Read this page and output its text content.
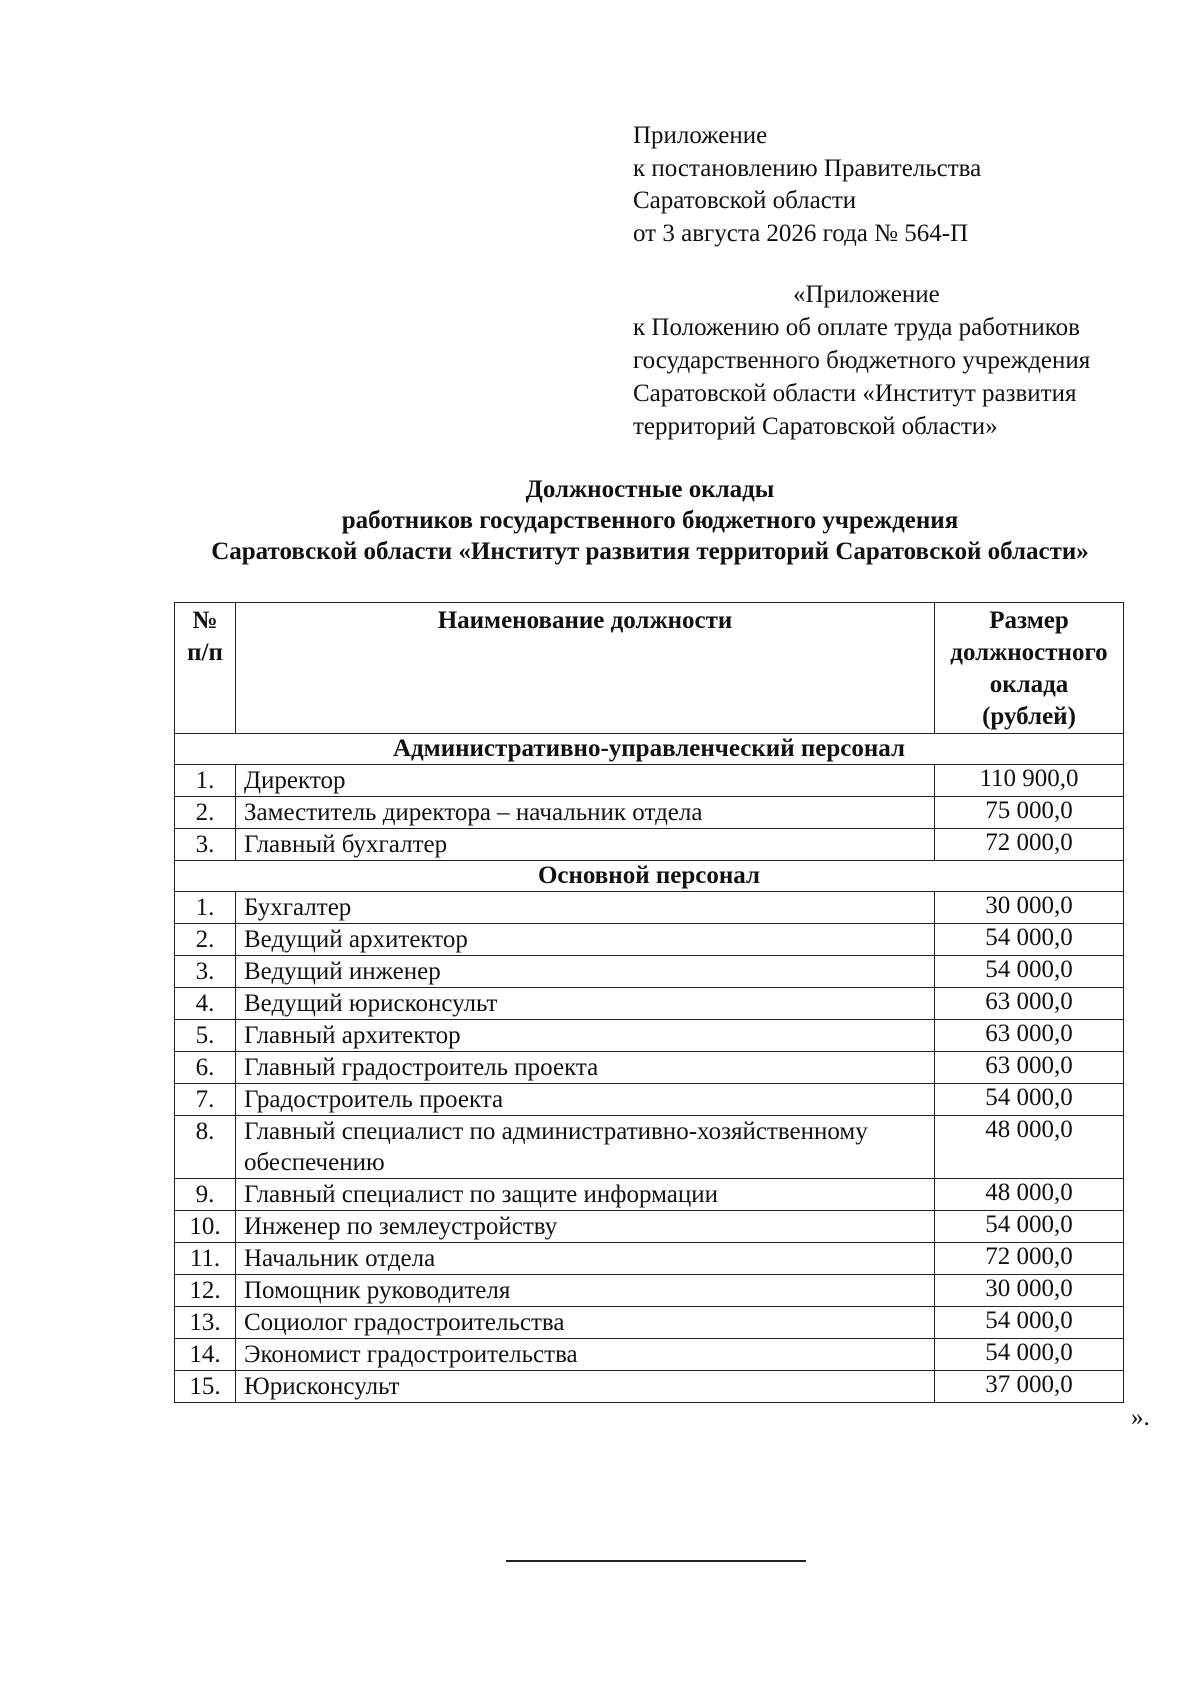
Приложение
к постановлению Правительства
Саратовской области
от 3 августа 2026 года № 564-П
«Приложение
к Положению об оплате труда работников
государственного бюджетного учреждения
Саратовской области «Институт развития
территорий Саратовской области»
Должностные оклады
работников государственного бюджетного учреждения
Саратовской области «Институт развития территорий Саратовской области»
№ п/п	Наименование должности	Размер должностного оклада (рублей)
Административно-управленческий персонал		
1.	Директор	110 900,0
2.	Заместитель директора – начальник отдела	75 000,0
3.	Главный бухгалтер	72 000,0
Основной персонал		
1.	Бухгалтер	30 000,0
2.	Ведущий архитектор	54 000,0
3.	Ведущий инженер	54 000,0
4.	Ведущий юрисконсульт	63 000,0
5.	Главный архитектор	63 000,0
6.	Главный градостроитель проекта	63 000,0
7.	Градостроитель проекта	54 000,0
8.	Главный специалист по административно-хозяйственному обеспечению	48 000,0
9.	Главный специалист по защите информации	48 000,0
10.	Инженер по землеустройству	54 000,0
11.	Начальник отдела	72 000,0
12.	Помощник руководителя	30 000,0
13.	Социолог градостроительства	54 000,0
14.	Экономист градостроительства	54 000,0
15.	Юрисконсульт	37 000,0
».
